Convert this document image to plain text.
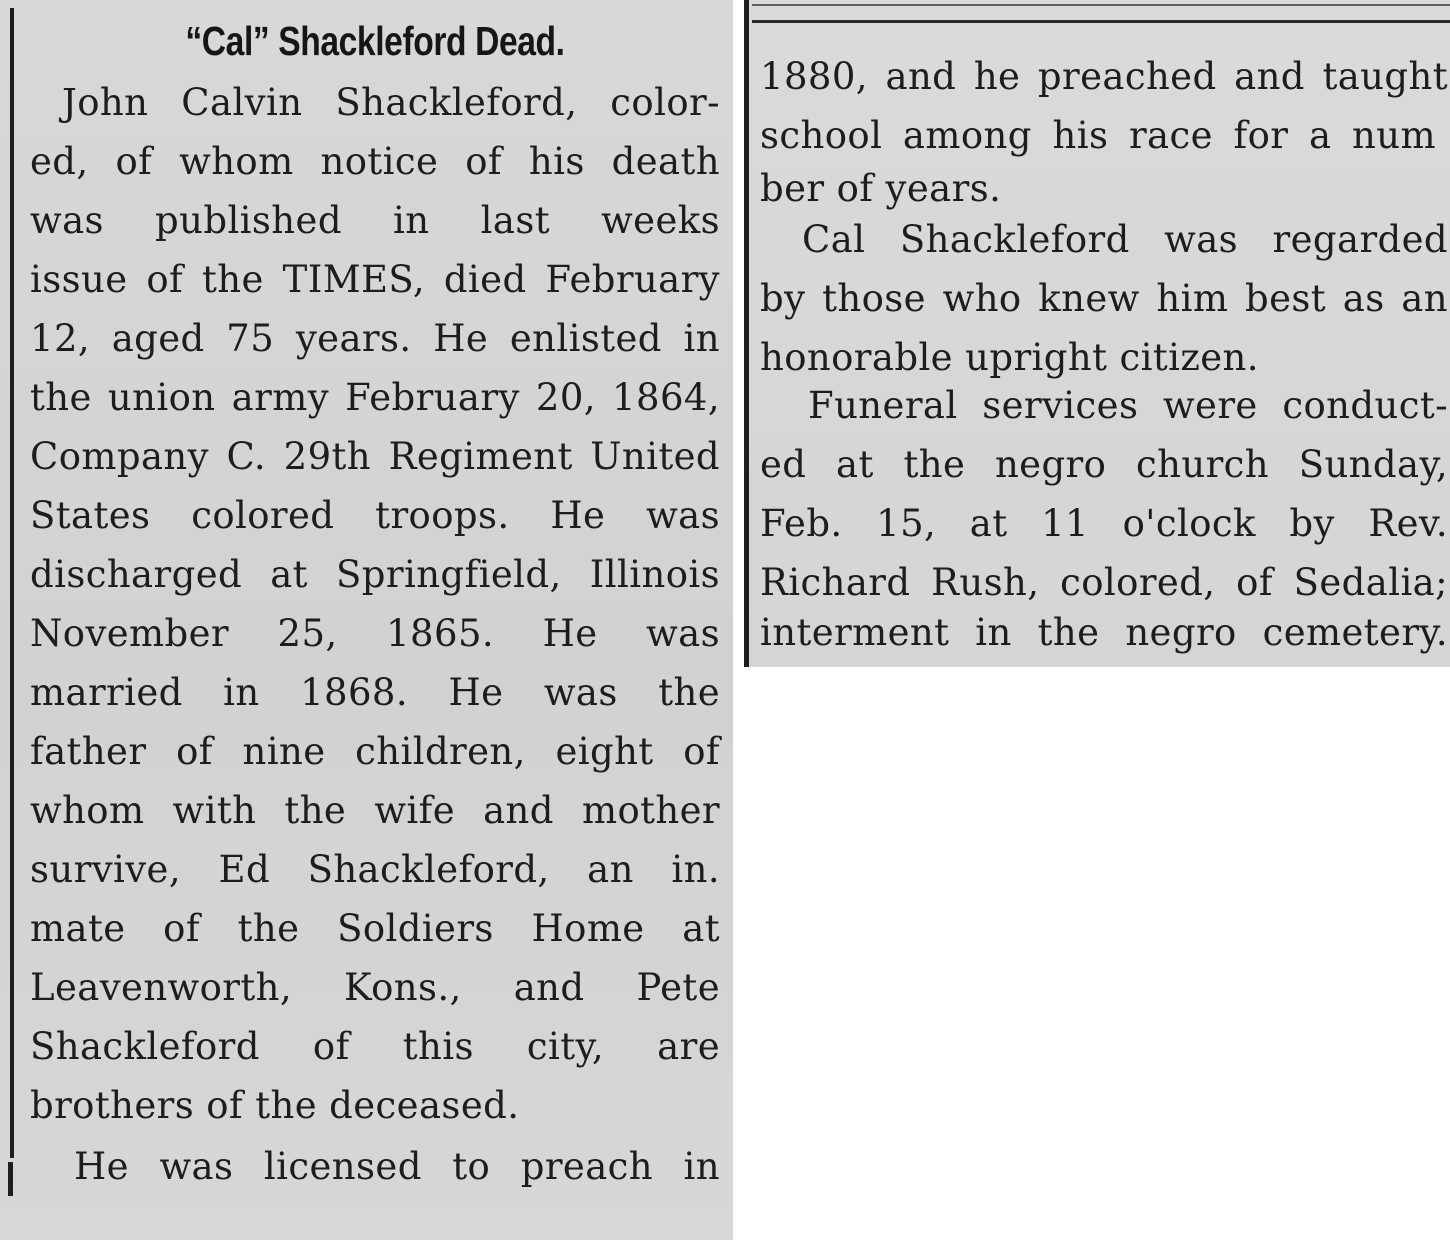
“Cal” Shackleford Dead.
John Calvin Shackleford, color-
ed, of whom notice of his death
was published in last weeks
issue of the TIMES, died February
12, aged 75 years. He enlisted in
the union army February 20, 1864,
Company C. 29th Regiment United
States colored troops. He was
discharged at Springfield, Illinois
November 25, 1865. He was
married in 1868. He was the
father of nine children, eight of
whom with the wife and mother
survive, Ed Shackleford, an in.
mate of the Soldiers Home at
Leavenworth, Kons., and Pete
Shackleford of this city, are
brothers of the deceased.
He was licensed to preach in
1880, and he preached and taught
school among his race for a num
ber of years.
Cal Shackleford was regarded
by those who knew him best as an
honorable upright citizen.
Funeral services were conduct-
ed at the negro church Sunday,
Feb. 15, at 11 o'clock by Rev.
Richard Rush, colored, of Sedalia;
interment in the negro cemetery.
